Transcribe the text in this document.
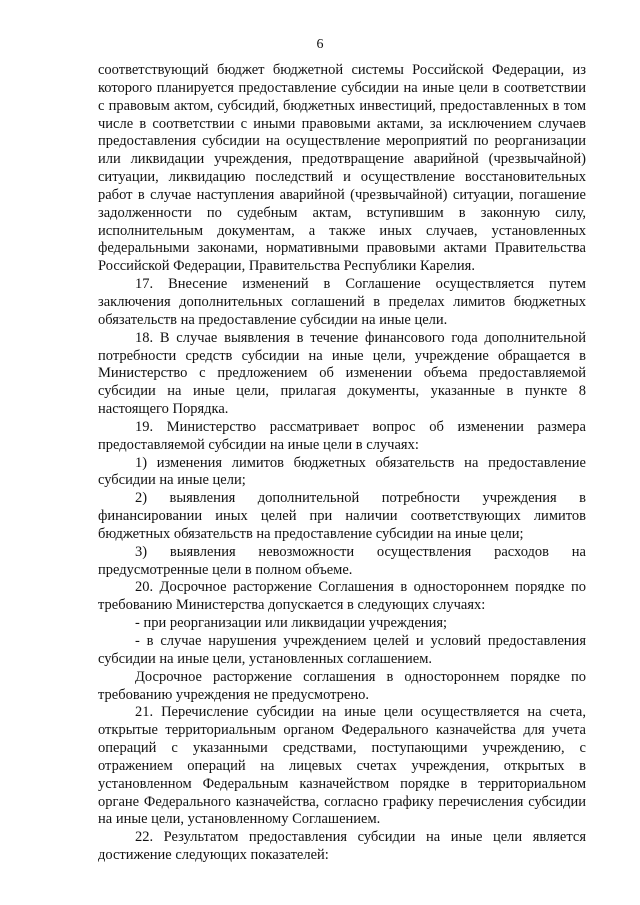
6

соответствующий бюджет бюджетной системы Российской Федерации, из которого планируется предоставление субсидии на иные цели в соответствии с правовым актом, субсидий, бюджетных инвестиций, предоставленных в том числе в соответствии с иными правовыми актами, за исключением случаев предоставления субсидии на осуществление мероприятий по реорганизации или ликвидации учреждения, предотвращение аварийной (чрезвычайной) ситуации, ликвидацию последствий и осуществление восстановительных работ в случае наступления аварийной (чрезвычайной) ситуации, погашение задолженности по судебным актам, вступившим в законную силу, исполнительным документам, а также иных случаев, установленных федеральными законами, нормативными правовыми актами Правительства Российской Федерации, Правительства Республики Карелия.

17. Внесение изменений в Соглашение осуществляется путем заключения дополнительных соглашений в пределах лимитов бюджетных обязательств на предоставление субсидии на иные цели.

18. В случае выявления в течение финансового года дополнительной потребности средств субсидии на иные цели, учреждение обращается в Министерство с предложением об изменении объема предоставляемой субсидии на иные цели, прилагая документы, указанные в пункте 8 настоящего Порядка.

19. Министерство рассматривает вопрос об изменении размера предоставляемой субсидии на иные цели в случаях:

1) изменения лимитов бюджетных обязательств на предоставление субсидии на иные цели;

2) выявления дополнительной потребности учреждения в финансировании иных целей при наличии соответствующих лимитов бюджетных обязательств на предоставление субсидии на иные цели;

3) выявления невозможности осуществления расходов на предусмотренные цели в полном объеме.

20. Досрочное расторжение Соглашения в одностороннем порядке по требованию Министерства допускается в следующих случаях:

- при реорганизации или ликвидации учреждения;

- в случае нарушения учреждением целей и условий предоставления субсидии на иные цели, установленных соглашением.

Досрочное расторжение соглашения в одностороннем порядке по требованию учреждения не предусмотрено.

21. Перечисление субсидии на иные цели осуществляется на счета, открытые территориальным органом Федерального казначейства для учета операций с указанными средствами, поступающими учреждению, с отражением операций на лицевых счетах учреждения, открытых в установленном Федеральным казначейством порядке в территориальном органе Федерального казначейства, согласно графику перечисления субсидии на иные цели, установленному Соглашением.

22. Результатом предоставления субсидии на иные цели является достижение следующих показателей:
